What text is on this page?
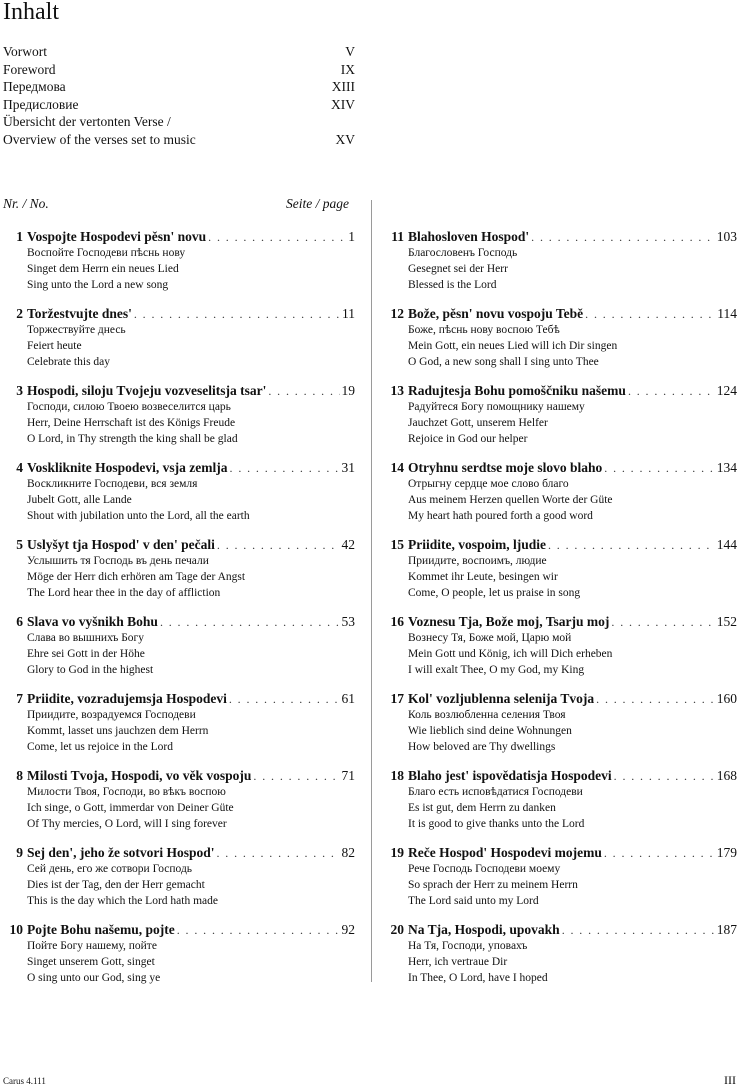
Inhalt
Vorwort	V
Foreword	IX
Передмова	XIII
Предисловие	XIV
Übersicht der vertonten Verse /
Overview of the verses set to music	XV
Nr. / No.	Seite / page
1 Vospojte Hospodevi pěsn' novu . . .	1
Воспойте Господеви пѣснь нову
Singet dem Herrn ein neues Lied
Sing unto the Lord a new song
2 Toržestvujte dnes' . . .	11
Торжествуйте днесь
Feiert heute
Celebrate this day
3 Hospodi, siloju Tvojeju vozveselitsja tsar' . . .	19
Господи, силою Твоею возвеселится царь
Herr, Deine Herrschaft ist des Königs Freude
O Lord, in Thy strength the king shall be glad
4 Voskliknite Hospodevi, vsja zemlja . . .	31
Воскликните Господеви, вся земля
Jubelt Gott, alle Lande
Shout with jubilation unto the Lord, all the earth
5 Uslyšyt tja Hospod' v den' pečali . . .	42
Услышить тя Господь въ день печали
Möge der Herr dich erhören am Tage der Angst
The Lord hear thee in the day of affliction
6 Slava vo vyšnikh Bohu . . .	53
Слава во вышнихъ Богу
Ehre sei Gott in der Höhe
Glory to God in the highest
7 Priidite, vozradujemsja Hospodevi . . .	61
Приидите, возрадуемся Господеви
Kommt, lasset uns jauchzen dem Herrn
Come, let us rejoice in the Lord
8 Milosti Tvoja, Hospodi, vo věk vospoju . . .	71
Милости Твоя, Господи, во вѣкъ воспою
Ich singe, o Gott, immerdar von Deiner Güte
Of Thy mercies, O Lord, will I sing forever
9 Sej den', jeho že sotvori Hospod' . . .	82
Сей день, его же сотвори Господь
Dies ist der Tag, den der Herr gemacht
This is the day which the Lord hath made
10 Pojte Bohu našemu, pojte . . .	92
Пойте Богу нашему, пойте
Singet unserem Gott, singet
O sing unto our God, sing ye
11 Blahosloven Hospod' . . .	103
Благословенъ Господь
Gesegnet sei der Herr
Blessed is the Lord
12 Bože, pěsn' novu vospoju Tebě . . .	114
Боже, пѣснь нову воспою Тебѣ
Mein Gott, ein neues Lied will ich Dir singen
O God, a new song shall I sing unto Thee
13 Radujtesja Bohu pomoščniku našemu . . .	124
Радуйтеся Богу помощнику нашему
Jauchzet Gott, unserem Helfer
Rejoice in God our helper
14 Otryhnu serdtse moje slovo blaho . . .	134
Отрыгну сердце мое слово благо
Aus meinem Herzen quellen Worte der Güte
My heart hath poured forth a good word
15 Priidite, vospoim, ljudie . . .	144
Приидите, воспоимъ, людие
Kommet ihr Leute, besingen wir
Come, O people, let us praise in song
16 Voznesu Tja, Bože moj, Tsarju moj . . .	152
Вознесу Тя, Боже мой, Царю мой
Mein Gott und König, ich will Dich erheben
I will exalt Thee, O my God, my King
17 Kol' vozljublenna selenija Tvoja . . .	160
Коль возлюбленна селения Твоя
Wie lieblich sind deine Wohnungen
How beloved are Thy dwellings
18 Blaho jest' ispovědatisja Hospodevi . . .	168
Благо есть исповѣдатися Господеви
Es ist gut, dem Herrn zu danken
It is good to give thanks unto the Lord
19 Reče Hospod' Hospodevi mojemu . . .	179
Рече Господь Господеви моему
So sprach der Herr zu meinem Herrn
The Lord said unto my Lord
20 Na Tja, Hospodi, upovakh . . .	187
На Тя, Господи, уповахъ
Herr, ich vertraue Dir
In Thee, O Lord, have I hoped
Carus 4.111	III
